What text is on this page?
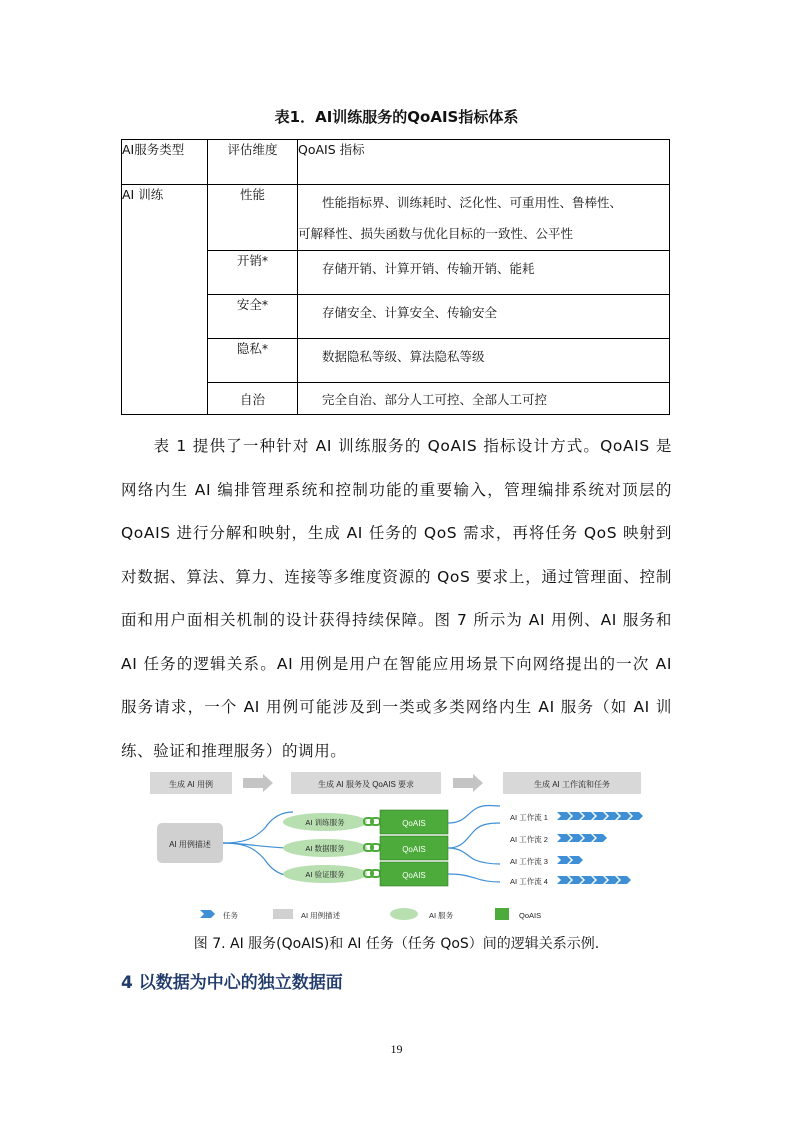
表1．AI训练服务的QoAIS指标体系
AI服务类型	评估维度	QoAIS 指标
AI 训练	性能	性能指标界、训练耗时、泛化性、可重用性、鲁棒性、
可解释性、损失函数与优化目标的一致性、公平性

	开销*	存储开销、计算开销、传输开销、能耗
	安全*	存储安全、计算安全、传输安全
	隐私*	数据隐私等级、算法隐私等级
	自治	完全自治、部分人工可控、全部人工可控
表 1 提供了一种针对 AI 训练服务的 QoAIS 指标设计方式。QoAIS 是网络内生 AI 编排管理系统和控制功能的重要输入，管理编排系统对顶层的 QoAIS 进行分解和映射，生成 AI 任务的 QoS 需求，再将任务 QoS 映射到对数据、算法、算力、连接等多维度资源的 QoS 要求上，通过管理面、控制面和用户面相关机制的设计获得持续保障。图 7 所示为 AI 用例、AI 服务和 AI 任务的逻辑关系。AI 用例是用户在智能应用场景下向网络提出的一次 AI 服务请求，一个 AI 用例可能涉及到一类或多类网络内生 AI 服务（如 AI 训练、验证和推理服务）的调用。
生成 AI 用例	生成 AI 服务及 QoAIS 要求	生成 AI 工作流和任务
AI 用例描述
AI 训练服务
AI 数据服务
AI 验证服务
QoAIS
QoAIS
QoAIS
AI 工作流 1
AI 工作流 2
AI 工作流 3
AI 工作流 4
任务	AI 用例描述	AI 服务	QoAIS
图 7. AI 服务(QoAIS)和 AI 任务（任务 QoS）间的逻辑关系示例.
4 以数据为中心的独立数据面
19
